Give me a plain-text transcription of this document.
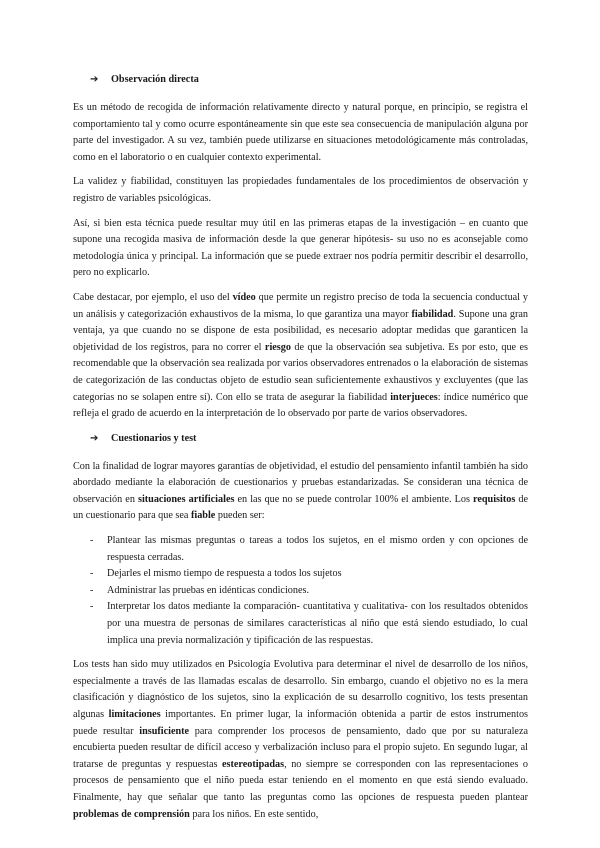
➔ Observación directa

Es un método de recogida de información relativamente directo y natural porque, en principio, se registra el comportamiento tal y como ocurre espontáneamente sin que este sea consecuencia de manipulación alguna por parte del investigador. A su vez, también puede utilizarse en situaciones metodológicamente más controladas, como en el laboratorio o en cualquier contexto experimental.

La validez y fiabilidad, constituyen las propiedades fundamentales de los procedimientos de observación y registro de variables psicológicas.

Así, si bien esta técnica puede resultar muy útil en las primeras etapas de la investigación – en cuanto que supone una recogida masiva de información desde la que generar hipótesis- su uso no es aconsejable como metodología única y principal. La información que se puede extraer nos podría permitir describir el desarrollo, pero no explicarlo.

Cabe destacar, por ejemplo, el uso del vídeo que permite un registro preciso de toda la secuencia conductual y un análisis y categorización exhaustivos de la misma, lo que garantiza una mayor fiabilidad. Supone una gran ventaja, ya que cuando no se dispone de esta posibilidad, es necesario adoptar medidas que garanticen la objetividad de los registros, para no correr el riesgo de que la observación sea subjetiva. Es por esto, que es recomendable que la observación sea realizada por varios observadores entrenados o la elaboración de sistemas de categorización de las conductas objeto de estudio sean suficientemente exhaustivos y excluyentes (que las categorías no se solapen entre sí). Con ello se trata de asegurar la fiabilidad interjueces: índice numérico que refleja el grado de acuerdo en la interpretación de lo observado por parte de varios observadores.

➔ Cuestionarios y test

Con la finalidad de lograr mayores garantías de objetividad, el estudio del pensamiento infantil también ha sido abordado mediante la elaboración de cuestionarios y pruebas estandarizadas. Se consideran una técnica de observación en situaciones artificiales en las que no se puede controlar 100% el ambiente. Los requisitos de un cuestionario para que sea fiable pueden ser:

- Plantear las mismas preguntas o tareas a todos los sujetos, en el mismo orden y con opciones de respuesta cerradas.
- Dejarles el mismo tiempo de respuesta a todos los sujetos
- Administrar las pruebas en idénticas condiciones.
- Interpretar los datos mediante la comparación- cuantitativa y cualitativa- con los resultados obtenidos por una muestra de personas de similares características al niño que está siendo estudiado, lo cual implica una previa normalización y tipificación de las respuestas.

Los tests han sido muy utilizados en Psicología Evolutiva para determinar el nivel de desarrollo de los niños, especialmente a través de las llamadas escalas de desarrollo. Sin embargo, cuando el objetivo no es la mera clasificación y diagnóstico de los sujetos, sino la explicación de su desarrollo cognitivo, los tests presentan algunas limitaciones importantes. En primer lugar, la información obtenida a partir de estos instrumentos puede resultar insuficiente para comprender los procesos de pensamiento, dado que por su naturaleza encubierta pueden resultar de difícil acceso y verbalización incluso para el propio sujeto. En segundo lugar, al tratarse de preguntas y respuestas estereotipadas, no siempre se corresponden con las representaciones o procesos de pensamiento que el niño pueda estar teniendo en el momento en que está siendo evaluado. Finalmente, hay que señalar que tanto las preguntas como las opciones de respuesta pueden plantear problemas de comprensión para los niños. En este sentido,
